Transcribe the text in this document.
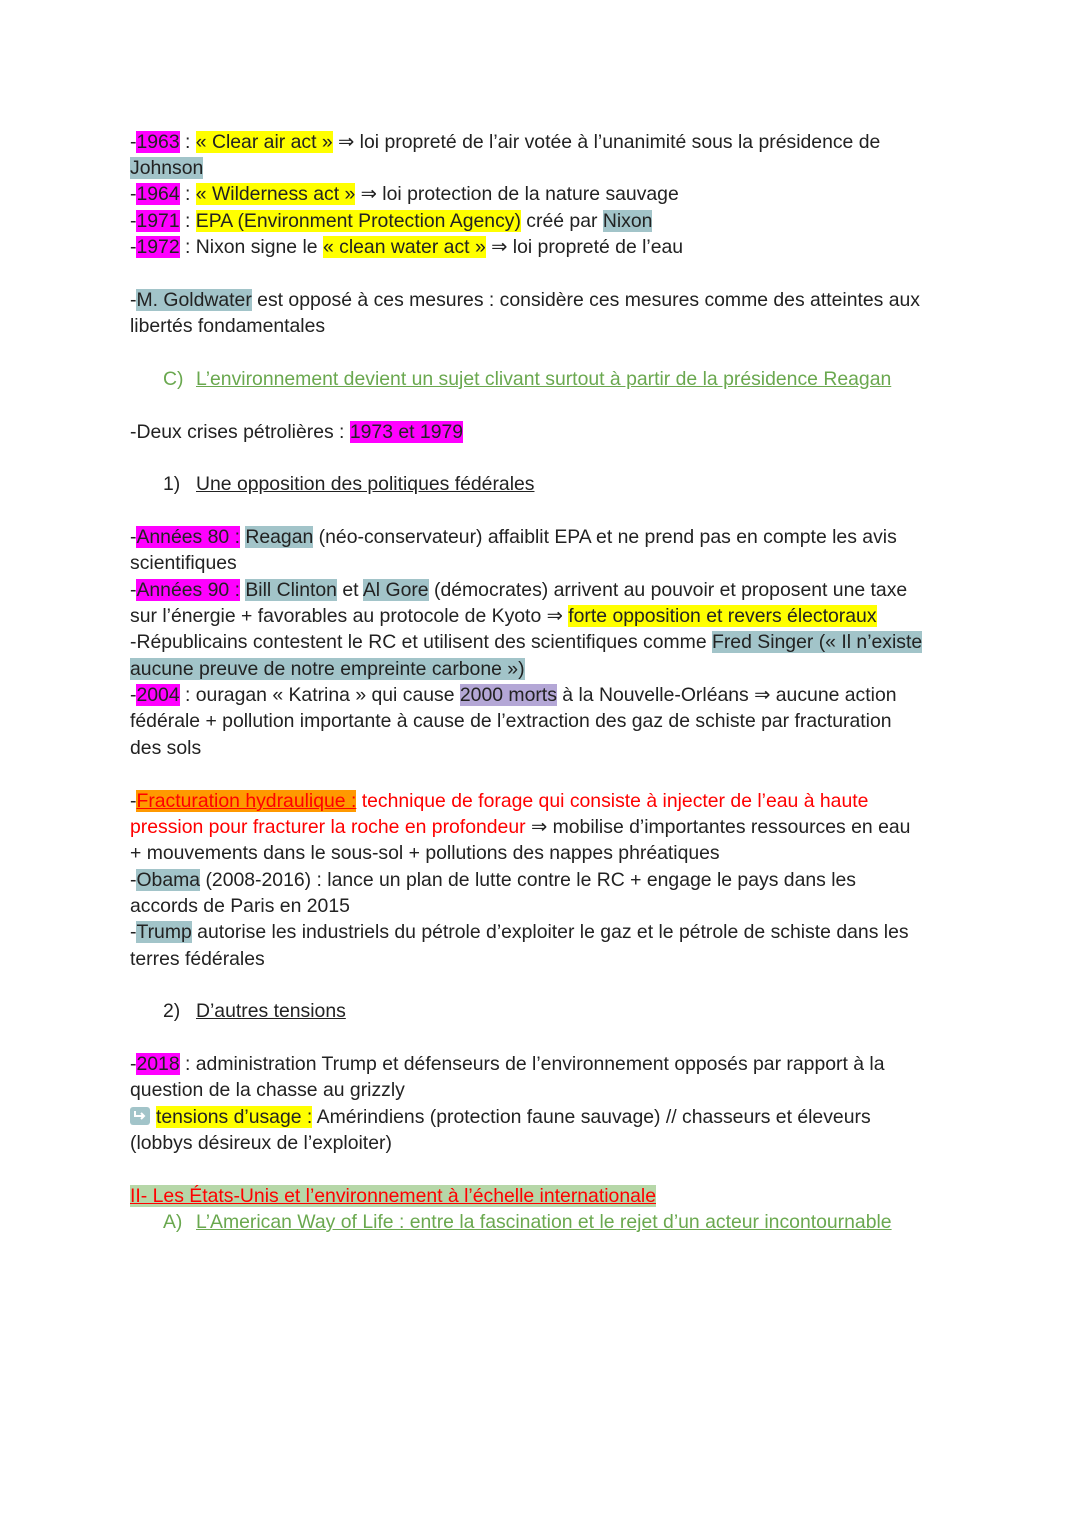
-1963 : « Clear air act » ⇒ loi propreté de l’air votée à l’unanimité sous la présidence de
Johnson
-1964 : « Wilderness act » ⇒ loi protection de la nature sauvage
-1971 : EPA (Environment Protection Agency) créé par Nixon
-1972 : Nixon signe le « clean water act » ⇒ loi propreté de l’eau
-M. Goldwater est opposé à ces mesures : considère ces mesures comme des atteintes aux
libertés fondamentales
C) L’environnement devient un sujet clivant surtout à partir de la présidence Reagan
-Deux crises pétrolières : 1973 et 1979
1) Une opposition des politiques fédérales
-Années 80 : Reagan (néo-conservateur) affaiblit EPA et ne prend pas en compte les avis
scientifiques
-Années 90 : Bill Clinton et Al Gore (démocrates) arrivent au pouvoir et proposent une taxe
sur l’énergie + favorables au protocole de Kyoto ⇒ forte opposition et revers électoraux
-Républicains contestent le RC et utilisent des scientifiques comme Fred Singer (« Il n’existe
aucune preuve de notre empreinte carbone »)
-2004 : ouragan « Katrina » qui cause 2000 morts à la Nouvelle-Orléans ⇒ aucune action
fédérale + pollution importante à cause de l’extraction des gaz de schiste par fracturation
des sols
-Fracturation hydraulique : technique de forage qui consiste à injecter de l’eau à haute
pression pour fracturer la roche en profondeur ⇒ mobilise d’importantes ressources en eau
+ mouvements dans le sous-sol + pollutions des nappes phréatiques
-Obama (2008-2016) : lance un plan de lutte contre le RC + engage le pays dans les
accords de Paris en 2015
-Trump autorise les industriels du pétrole d’exploiter le gaz et le pétrole de schiste dans les
terres fédérales
2) D’autres tensions
-2018 : administration Trump et défenseurs de l’environnement opposés par rapport à la
question de la chasse au grizzly
tensions d’usage : Amérindiens (protection faune sauvage) // chasseurs et éleveurs
(lobbys désireux de l’exploiter)
II- Les États-Unis et l’environnement à l’échelle internationale
A) L’American Way of Life : entre la fascination et le rejet d’un acteur incontournable
